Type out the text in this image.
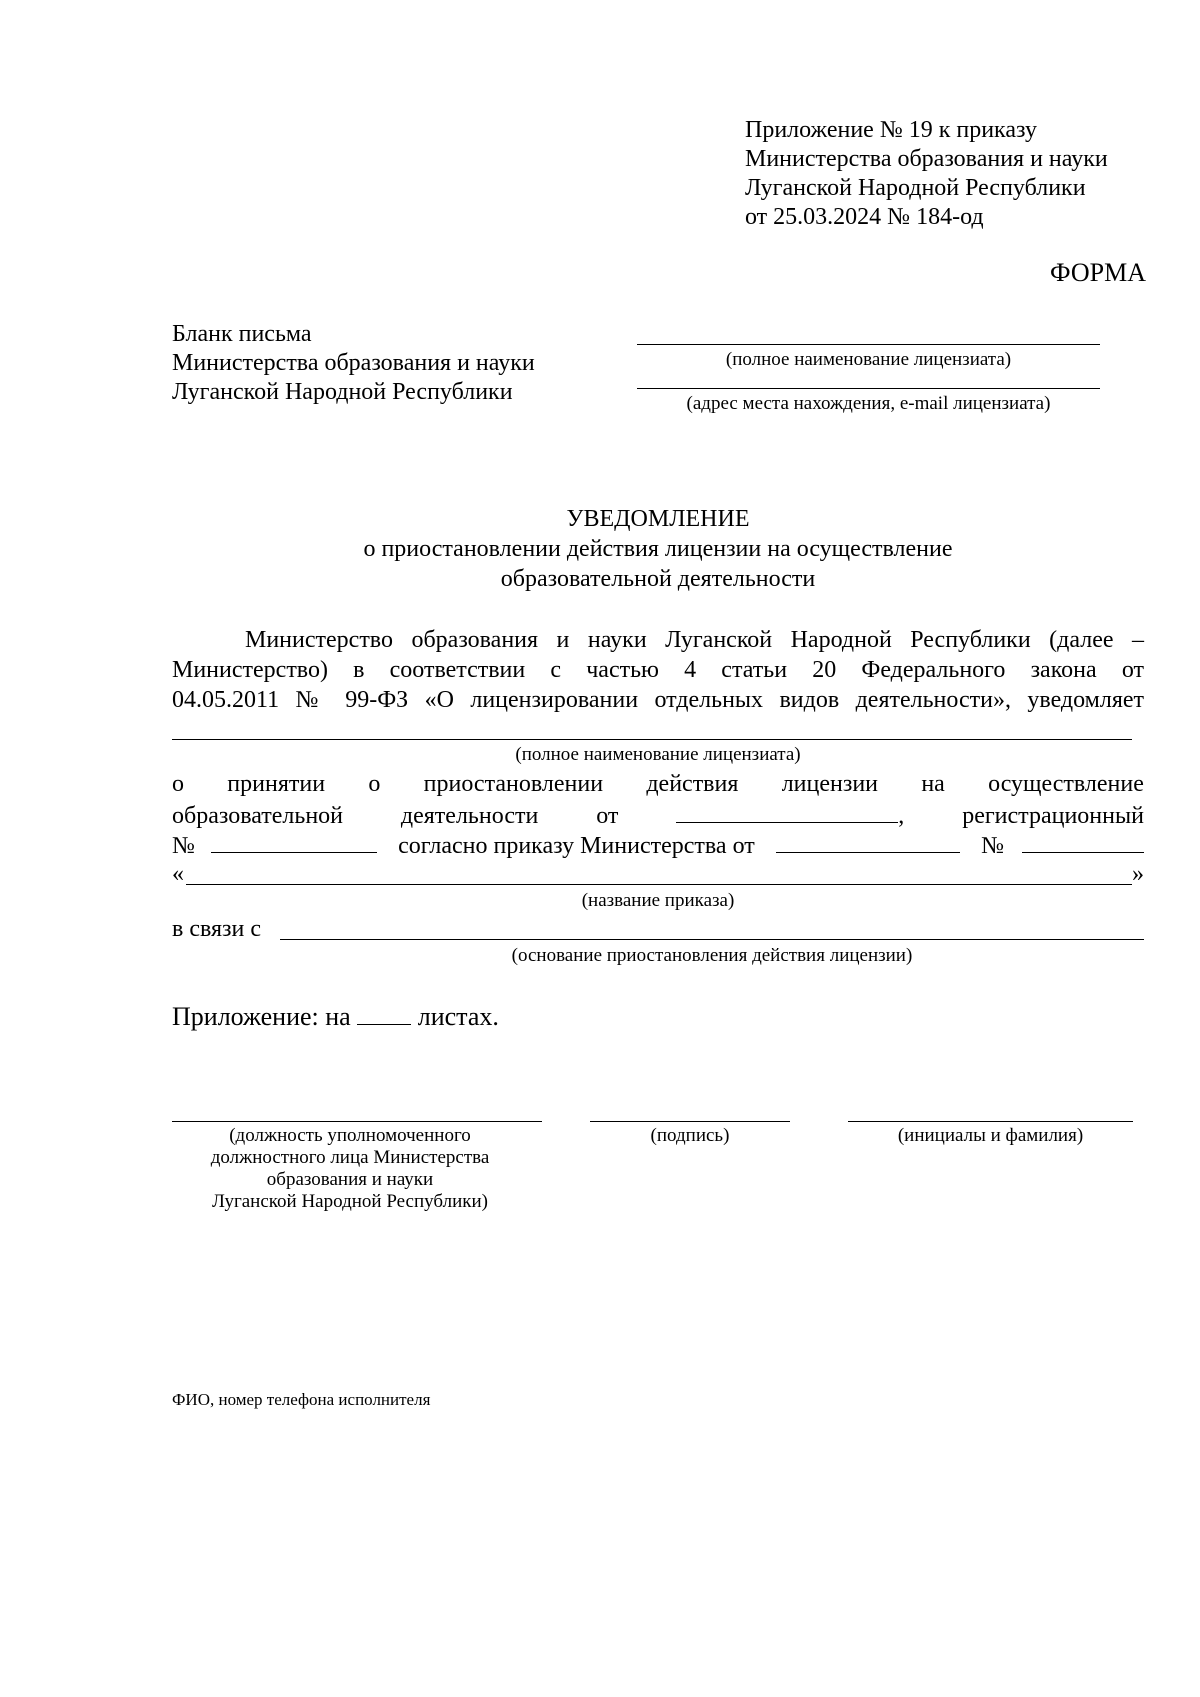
Приложение № 19 к приказу
Министерства образования и науки
Луганской Народной Республики
от 25.03.2024 № 184-од
ФОРМА
Бланк письма
Министерства образования и науки
Луганской Народной Республики
(полное наименование лицензиата)
(адрес места нахождения, e-mail лицензиата)
УВЕДОМЛЕНИЕ
о приостановлении действия лицензии на осуществление
образовательной деятельности
Министерство образования и науки Луганской Народной Республики (далее –
Министерство) в соответствии с частью 4 статьи 20 Федерального закона от
04.05.2011 № 99-ФЗ «О лицензировании отдельных видов деятельности», уведомляет
(полное наименование лицензиата)
о принятии о приостановлении действия лицензии на осуществление
образовательной деятельности от	, регистрационный
№	согласно приказу Министерства от	№
«	»
(название приказа)
в связи с
(основание приостановления действия лицензии)
Приложение: на	листах.
(должность уполномоченного
должностного лица Министерства
образования и науки
Луганской Народной Республики)
(подпись)	(инициалы и фамилия)
ФИО, номер телефона исполнителя
